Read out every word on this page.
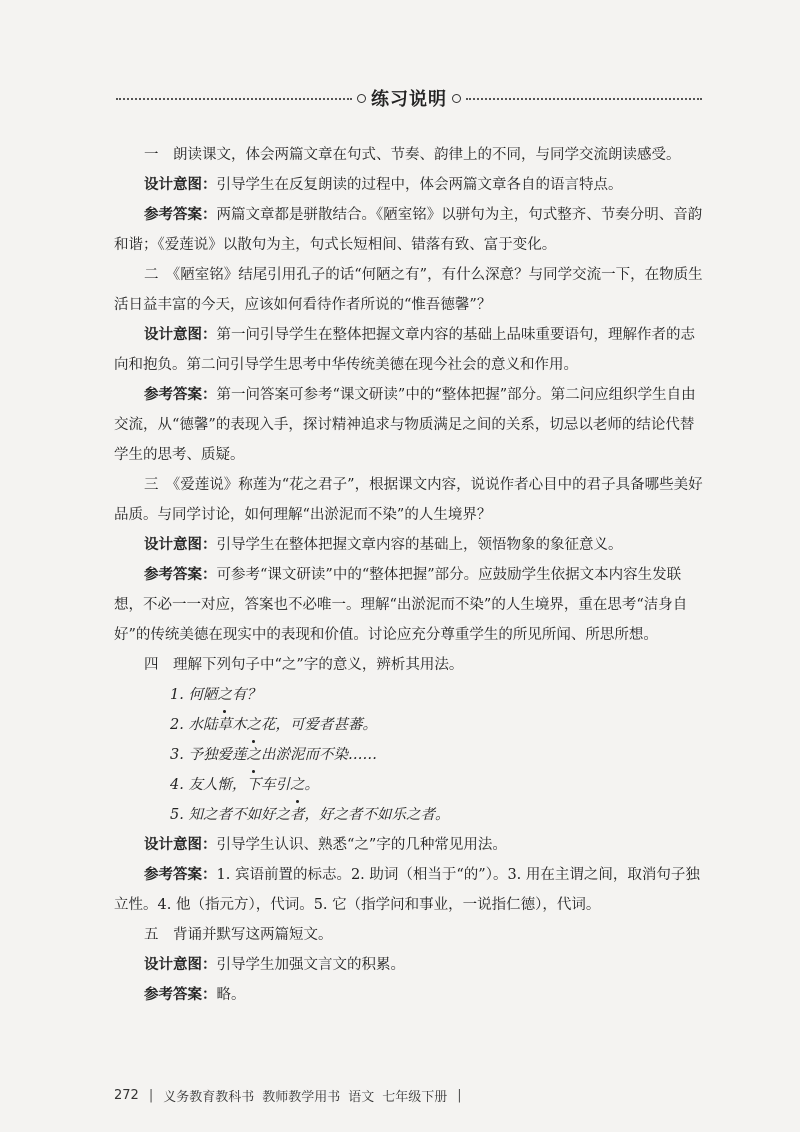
练习说明

一　朗读课文，体会两篇文章在句式、节奏、韵律上的不同，与同学交流朗读感受。

设计意图：引导学生在反复朗读的过程中，体会两篇文章各自的语言特点。

参考答案：两篇文章都是骈散结合。《陋室铭》以骈句为主，句式整齐、节奏分明、音韵和谐；《爱莲说》以散句为主，句式长短相间、错落有致、富于变化。

二　《陋室铭》结尾引用孔子的话“何陋之有”，有什么深意？与同学交流一下，在物质生活日益丰富的今天，应该如何看待作者所说的“惟吾德馨”？

设计意图：第一问引导学生在整体把握文章内容的基础上品味重要语句，理解作者的志向和抱负。第二问引导学生思考中华传统美德在现今社会的意义和作用。

参考答案：第一问答案可参考“课文研读”中的“整体把握”部分。第二问应组织学生自由交流，从“德馨”的表现入手，探讨精神追求与物质满足之间的关系，切忌以老师的结论代替学生的思考、质疑。

三　《爱莲说》称莲为“花之君子”，根据课文内容，说说作者心目中的君子具备哪些美好品质。与同学讨论，如何理解“出淤泥而不染”的人生境界？

设计意图：引导学生在整体把握文章内容的基础上，领悟物象的象征意义。

参考答案：可参考“课文研读”中的“整体把握”部分。应鼓励学生依据文本内容生发联想，不必一一对应，答案也不必唯一。理解“出淤泥而不染”的人生境界，重在思考“洁身自好”的传统美德在现实中的表现和价值。讨论应充分尊重学生的所见所闻、所思所想。

四　理解下列句子中“之”字的意义，辨析其用法。

1. 何陋之有？
2. 水陆草木之花，可爱者甚蕃。
3. 予独爱莲之出淤泥而不染……
4. 友人惭，下车引之。
5. 知之者不如好之者，好之者不如乐之者。

设计意图：引导学生认识、熟悉“之”字的几种常见用法。

参考答案：1. 宾语前置的标志。2. 助词（相当于“的”）。3. 用在主谓之间，取消句子独立性。4. 他（指元方），代词。5. 它（指学问和事业，一说指仁德），代词。

五　背诵并默写这两篇短文。

设计意图：引导学生加强文言文的积累。

参考答案：略。

272 | 义务教育教科书 教师教学用书 语文 七年级下册 |
